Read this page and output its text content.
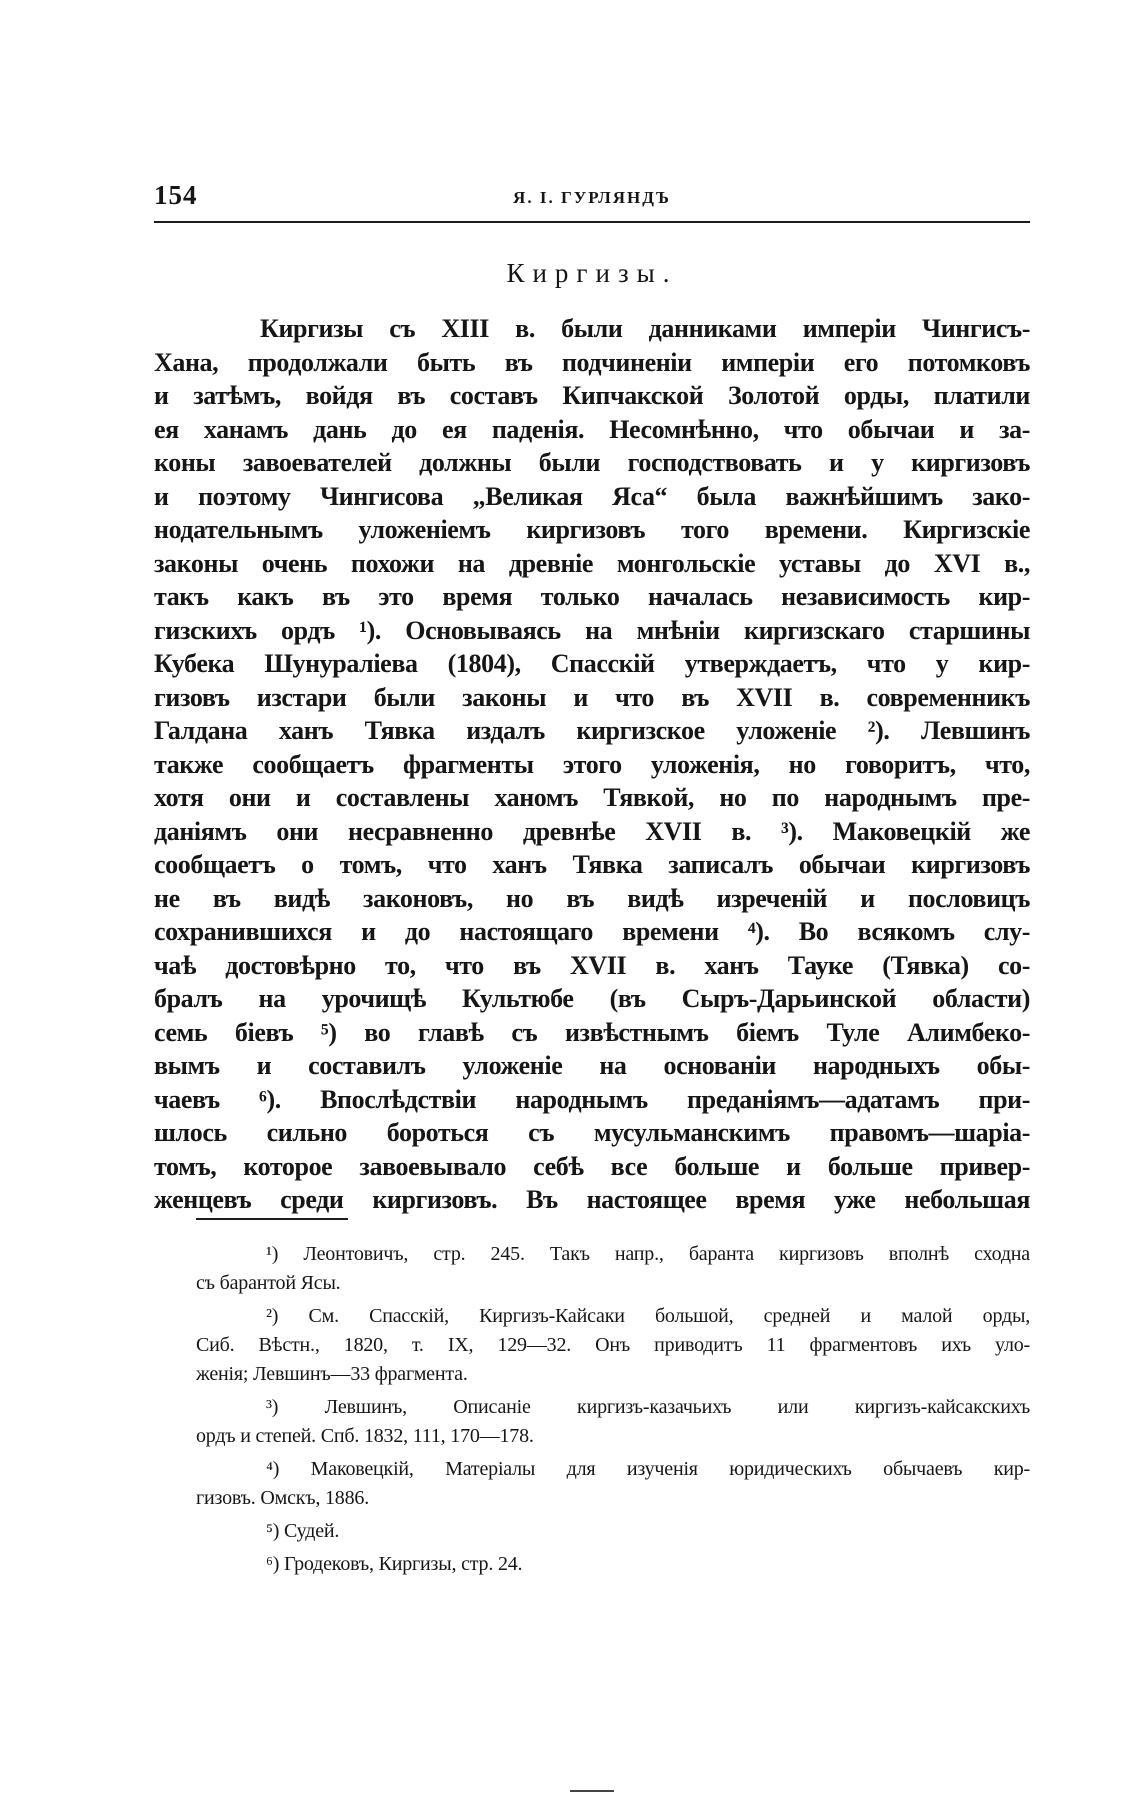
154	Я. I. ГУРЛЯНДЪ
Киргизы.
Киргизы съ XIII в. были данниками имперіи Чингисъ-
Хана, продолжали быть въ подчиненіи имперіи его потомковъ
и затѣмъ, войдя въ составъ Кипчакской Золотой орды, платили
ея ханамъ дань до ея паденія. Несомнѣнно, что обычаи и за-
коны завоевателей должны были господствовать и у киргизовъ
и поэтому Чингисова „Великая Яса“ была важнѣйшимъ зако-
нодательнымъ уложеніемъ киргизовъ того времени. Киргизскіе
законы очень похожи на древніе монгольскіе уставы до XVI в.,
такъ какъ въ это время только началась независимость кир-
гизскихъ ордъ ¹). Основываясь на мнѣніи киргизскаго старшины
Кубека Шунуралiева (1804), Спасскій утверждаетъ, что у кир-
гизовъ изстари были законы и что въ XVII в. современникъ
Галдана ханъ Тявка издалъ киргизское уложеніе ²). Левшинъ
также сообщаетъ фрагменты этого уложенія, но говоритъ, что,
хотя они и составлены ханомъ Тявкой, но по народнымъ пре-
даніямъ они несравненно древнѣе XVII в. ³). Маковецкій же
сообщаетъ о томъ, что ханъ Тявка записалъ обычаи киргизовъ
не въ видѣ законовъ, но въ видѣ изреченій и пословицъ
сохранившихся и до настоящаго времени ⁴). Во всякомъ слу-
чаѣ достовѣрно то, что въ XVII в. ханъ Тауке (Тявка) со-
бралъ на урочищѣ Культюбе (въ Сыръ-Дарьинской области)
семь біевъ ⁵) во главѣ съ извѣстнымъ біемъ Туле Алимбеко-
вымъ и составилъ уложеніе на основаніи народныхъ обы-
чаевъ ⁶). Впослѣдствіи народнымъ преданіямъ—адатамъ при-
шлось сильно бороться съ мусульманскимъ правомъ—шаріа-
томъ, которое завоевывало себѣ все больше и больше привер-
женцевъ среди киргизовъ. Въ настоящее время уже небольшая
¹) Леонтовичъ, стр. 245. Такъ напр., баранта киргизовъ вполнѣ сходна
съ барантой Ясы.
²) См. Спасскій, Киргизъ-Кайсаки большой, средней и малой орды,
Сиб. Вѣстн., 1820, т. IX, 129—32. Онъ приводитъ 11 фрагментовъ ихъ уло-
женія; Левшинъ—33 фрагмента.
³) Левшинъ, Описаніе киргизъ-казачьихъ или киргизъ-кайсакскихъ
ордъ и степей. Спб. 1832, 111, 170—178.
⁴) Маковецкій, Матеріалы для изученія юридическихъ обычаевъ кир-
гизовъ. Омскъ, 1886.
⁵) Судей.
⁶) Гродековъ, Киргизы, стр. 24.
